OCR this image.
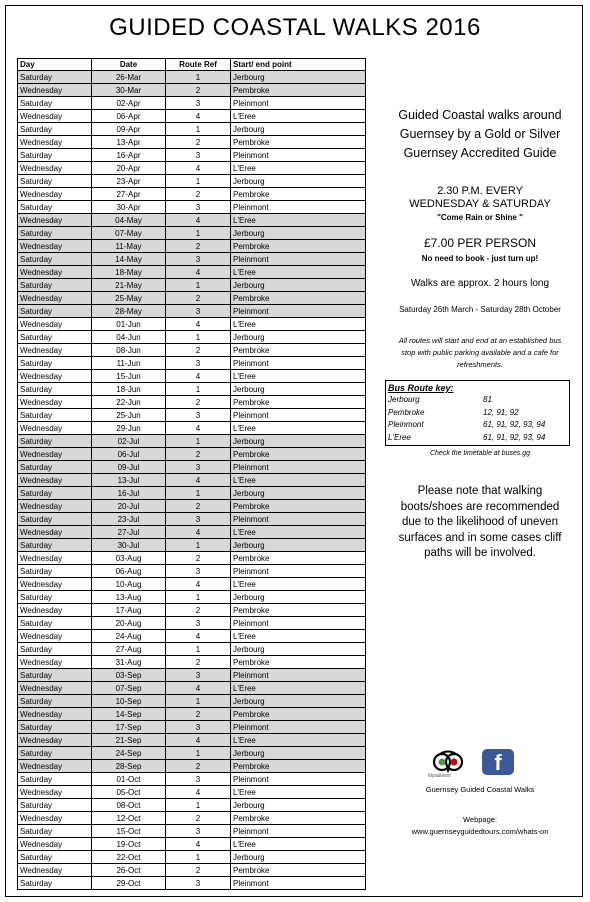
GUIDED COASTAL WALKS 2016
Day	Date	Route Ref	Start/ end point
Saturday	26-Mar	1	Jerbourg
Wednesday	30-Mar	2	Pembroke
Saturday	02-Apr	3	Pleinmont
Wednesday	06-Apr	4	L'Eree
Saturday	09-Apr	1	Jerbourg
Wednesday	13-Apr	2	Pembroke
Saturday	16-Apr	3	Pleinmont
Wednesday	20-Apr	4	L'Eree
Saturday	23-Apr	1	Jerbourg
Wednesday	27-Apr	2	Pembroke
Saturday	30-Apr	3	Pleinmont
Wednesday	04-May	4	L'Eree
Saturday	07-May	1	Jerbourg
Wednesday	11-May	2	Pembroke
Saturday	14-May	3	Pleinmont
Wednesday	18-May	4	L'Eree
Saturday	21-May	1	Jerbourg
Wednesday	25-May	2	Pembroke
Saturday	28-May	3	Pleinmont
Wednesday	01-Jun	4	L'Eree
Saturday	04-Jun	1	Jerbourg
Wednesday	08-Jun	2	Pembroke
Saturday	11-Jun	3	Pleinmont
Wednesday	15-Jun	4	L'Eree
Saturday	18-Jun	1	Jerbourg
Wednesday	22-Jun	2	Pembroke
Saturday	25-Jun	3	Pleinmont
Wednesday	29-Jun	4	L'Eree
Saturday	02-Jul	1	Jerbourg
Wednesday	06-Jul	2	Pembroke
Saturday	09-Jul	3	Pleinmont
Wednesday	13-Jul	4	L'Eree
Saturday	16-Jul	1	Jerbourg
Wednesday	20-Jul	2	Pembroke
Saturday	23-Jul	3	Pleinmont
Wednesday	27-Jul	4	L'Eree
Saturday	30-Jul	1	Jerbourg
Wednesday	03-Aug	2	Pembroke
Saturday	06-Aug	3	Pleinmont
Wednesday	10-Aug	4	L'Eree
Saturday	13-Aug	1	Jerbourg
Wednesday	17-Aug	2	Pembroke
Saturday	20-Aug	3	Pleinmont
Wednesday	24-Aug	4	L'Eree
Saturday	27-Aug	1	Jerbourg
Wednesday	31-Aug	2	Pembroke
Saturday	03-Sep	3	Pleinmont
Wednesday	07-Sep	4	L'Eree
Saturday	10-Sep	1	Jerbourg
Wednesday	14-Sep	2	Pembroke
Saturday	17-Sep	3	Pleinmont
Wednesday	21-Sep	4	L'Eree
Saturday	24-Sep	1	Jerbourg
Wednesday	28-Sep	2	Pembroke
Saturday	01-Oct	3	Pleinmont
Wednesday	05-Oct	4	L'Eree
Saturday	08-Oct	1	Jerbourg
Wednesday	12-Oct	2	Pembroke
Saturday	15-Oct	3	Pleinmont
Wednesday	19-Oct	4	L'Eree
Saturday	22-Oct	1	Jerbourg
Wednesday	26-Oct	2	Pembroke
Saturday	29-Oct	3	Pleinmont
Guided Coastal walks around
Guernsey by a Gold or Silver
Guernsey Accredited Guide
2.30 P.M. EVERY
WEDNESDAY & SATURDAY
"Come Rain or Shine "
£7.00 PER PERSON
No need to book - just turn up!
Walks are approx. 2 hours long
Saturday 26th March - Saturday 28th October
All routes will start and end at an established bus
stop with public parking available and a cafe for
refreshments.
Bus Route key:
Jerbourg	81
Pembroke	12, 91, 92
Pleinmont	61, 91, 92, 93, 94
L'Eree	61, 91, 92, 93, 94
Check the timetable at buses.gg
Please note that walking
boots/shoes are recommended
due to the likelihood of uneven
surfaces and in some cases cliff
paths will be involved.
tripadvisor
f
Guernsey Guided Coastal Walks
Webpage:
www.guernseyguidedtours.com/whats-on
